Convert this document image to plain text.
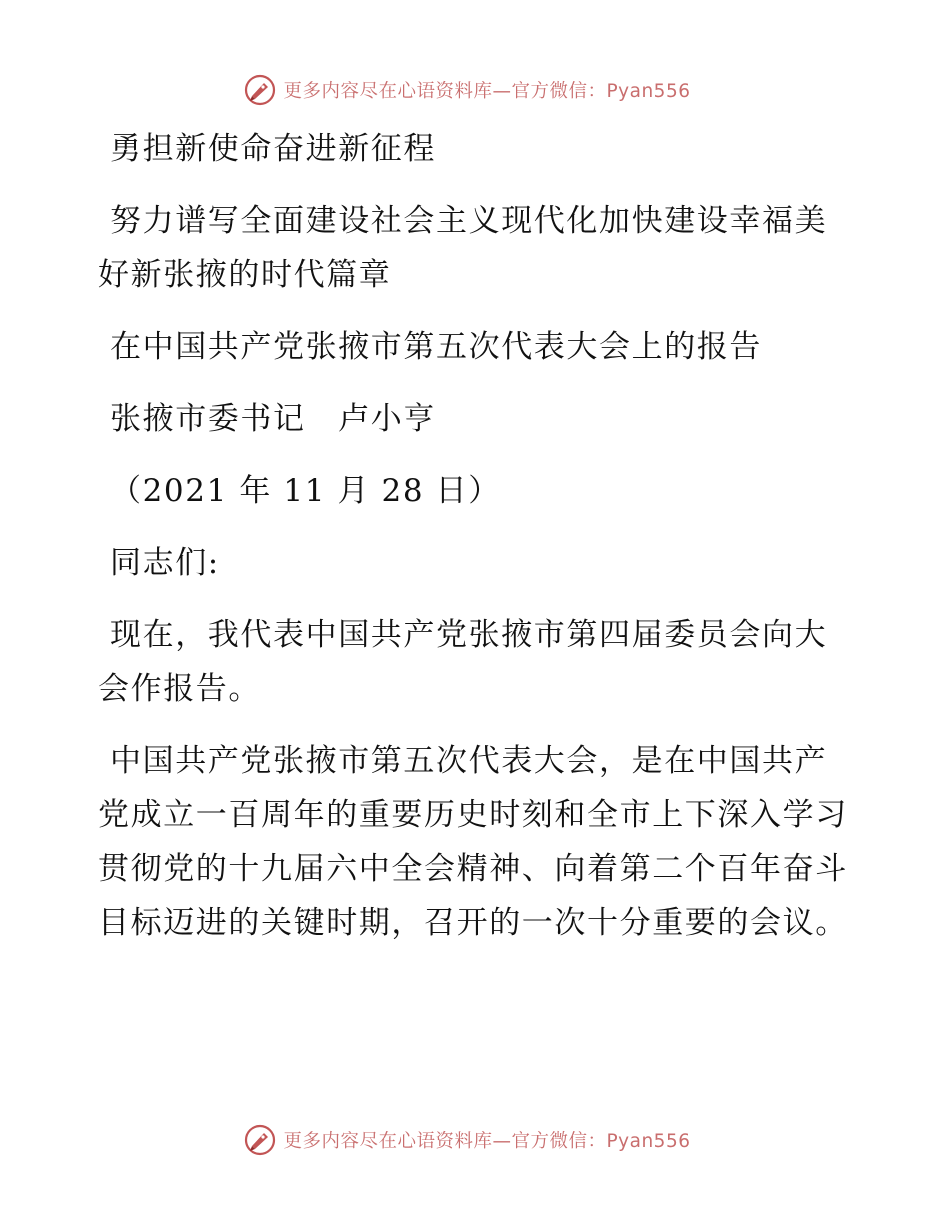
更多内容尽在心语资料库—官方微信：Pyan556

勇担新使命奋进新征程

努力谱写全面建设社会主义现代化加快建设幸福美好新张掖的时代篇章

在中国共产党张掖市第五次代表大会上的报告

张掖市委书记　卢小亨

（2021 年 11 月 28 日）

同志们:

现在，我代表中国共产党张掖市第四届委员会向大会作报告。

中国共产党张掖市第五次代表大会，是在中国共产党成立一百周年的重要历史时刻和全市上下深入学习贯彻党的十九届六中全会精神、向着第二个百年奋斗目标迈进的关键时期，召开的一次十分重要的会议。

更多内容尽在心语资料库—官方微信：Pyan556
